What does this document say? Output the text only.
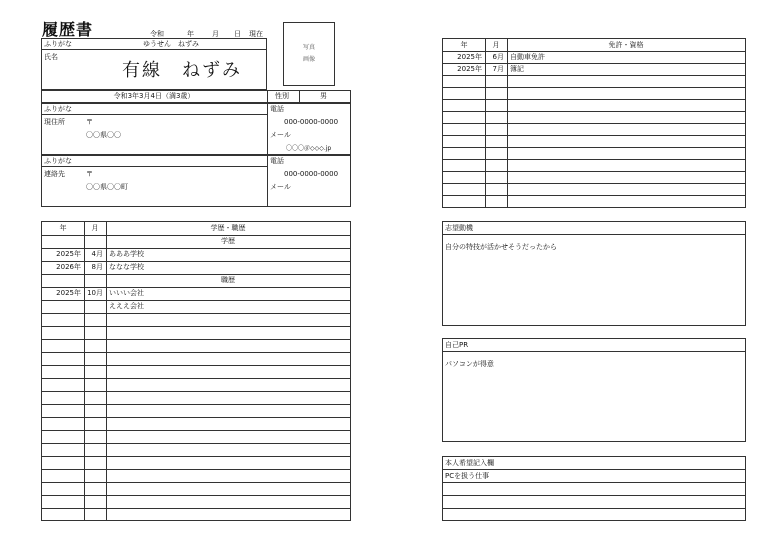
履歴書	令和	年	月 日 現在
写真
画像
ふりがな	ゆうせん　ねずみ
氏名
有線　ねずみ
令和3年3月4日（満3歳）	性別	男
ふりがな
現住所	〒
〇〇県〇〇
電話
000-0000-0000
メール
〇〇〇＠◇◇◇.jp
ふりがな
連絡先	〒
〇〇県〇〇町
電話
000-0000-0000
メール
年	月	学歴・職歴
学歴
2025年	4月 あああ学校
2026年	8月 ななな学校
職歴
2025年 10月 いいい会社
えええ会社
年	月	免許・資格
2025年	6月 自動車免許
2025年	7月 簿記
志望動機
自分の特技が活かせそうだったから
自己PR
パソコンが得意
本人希望記入欄
PCを扱う仕事
